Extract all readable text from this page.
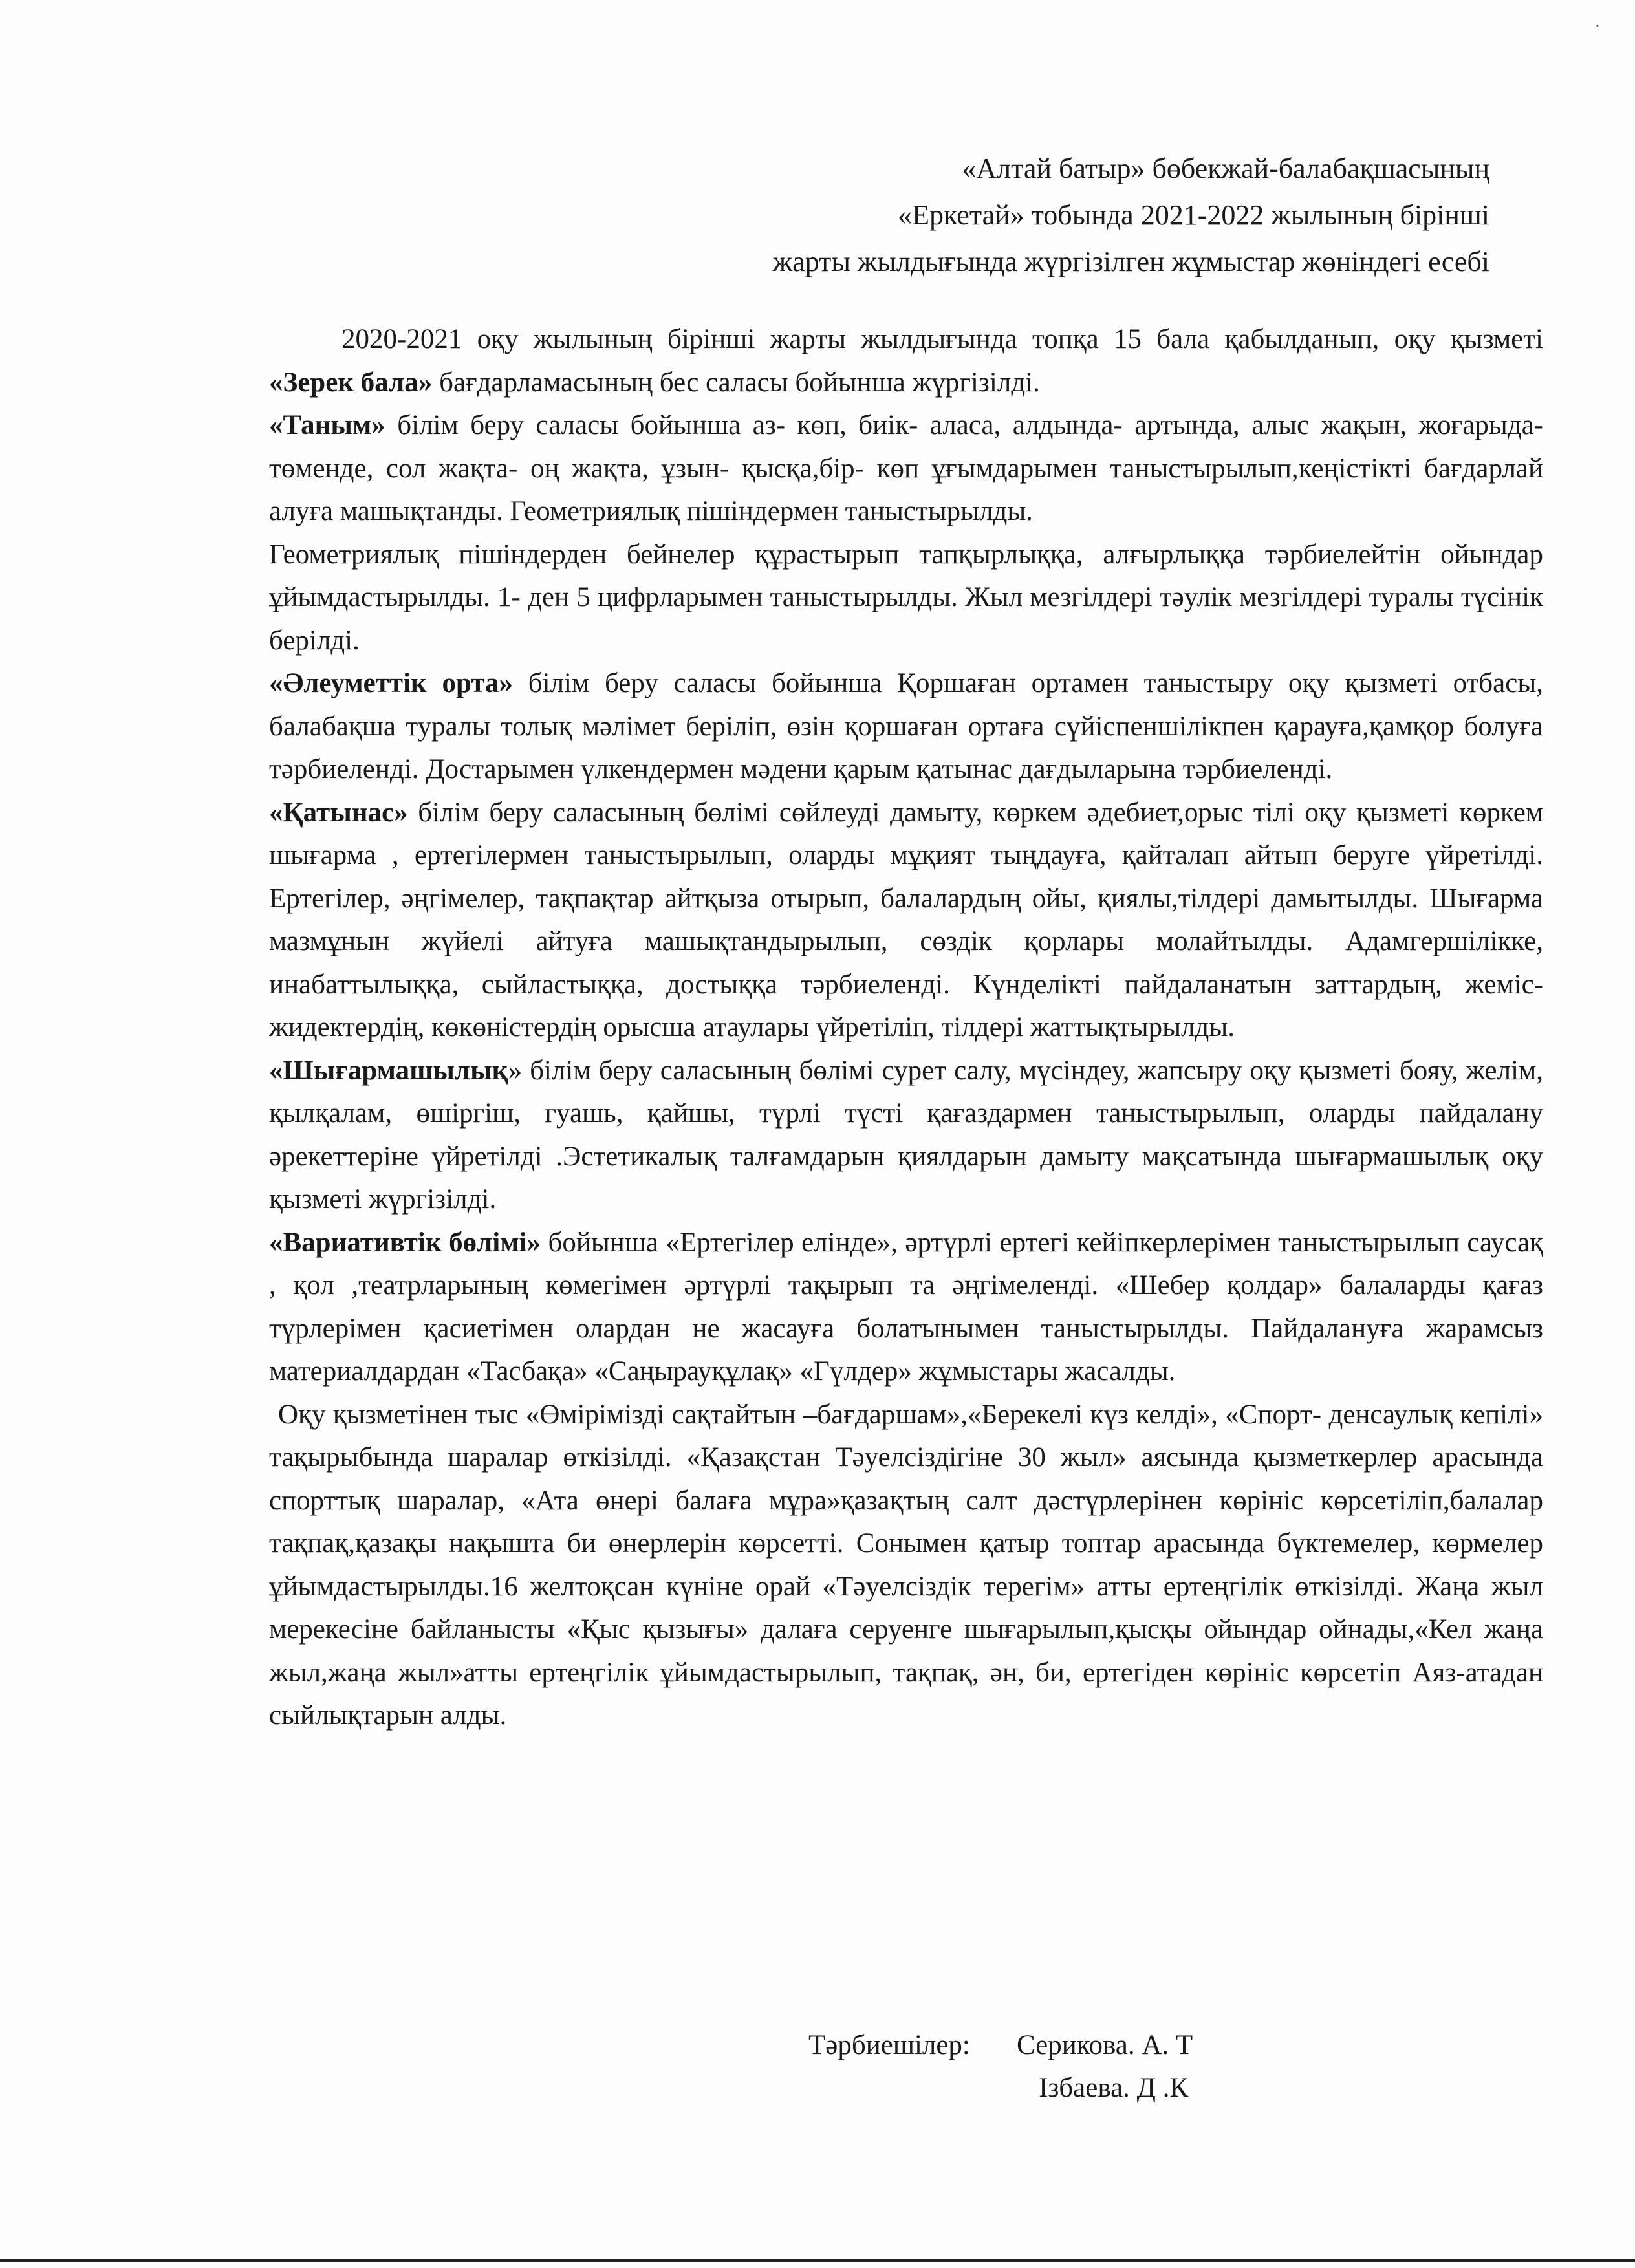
ᐧ
«Алтай батыр» бөбекжай-балабақшасының
«Еркетай» тобында 2021-2022 жылының бірінші
жарты жылдығында жүргізілген жұмыстар жөніндегі есебі

2020-2021 оқу жылының бірінші жарты жылдығында топқа 15 бала қабылданып, оқу қызметі «Зерек бала» бағдарламасының бес саласы бойынша жүргізілді.

«Таным» білім беру саласы бойынша аз- көп, биік- аласа, алдында- артында, алыс жақын, жоғарыда- төменде, сол жақта- оң жақта, ұзын- қысқа,бір- көп ұғымдарымен таныстырылып,кеңістікті бағдарлай алуға машықтанды. Геометриялық пішіндермен таныстырылды.

Геометриялық пішіндерден бейнелер құрастырып тапқырлыққа, алғырлыққа тәрбиелейтін ойындар ұйымдастырылды. 1- ден 5 цифрларымен таныстырылды. Жыл мезгілдері тәулік мезгілдері туралы түсінік берілді.

«Әлеуметтік орта» білім беру саласы бойынша Қоршаған ортамен таныстыру оқу қызметі отбасы, балабақша туралы толық мәлімет беріліп, өзін қоршаған ортаға сүйіспеншілікпен қарауға,қамқор болуға тәрбиеленді. Достарымен үлкендермен мәдени қарым қатынас дағдыларына тәрбиеленді.

«Қатынас» білім беру саласының бөлімі сөйлеуді дамыту, көркем әдебиет,орыс тілі оқу қызметі көркем шығарма , ертегілермен таныстырылып, оларды мұқият тыңдауға, қайталап айтып беруге үйретілді. Ертегілер, әңгімелер, тақпақтар айтқыза отырып, балалардың ойы, қиялы,тілдері дамытылды. Шығарма мазмұнын жүйелі айтуға машықтандырылып, сөздік қорлары молайтылды. Адамгершілікке, инабаттылыққа, сыйластыққа, достыққа тәрбиеленді. Күнделікті пайдаланатын заттардың, жеміс- жидектердің, көкөністердің орысша атаулары үйретіліп, тілдері жаттықтырылды.

«Шығармашылық» білім беру саласының бөлімі сурет салу, мүсіндеу, жапсыру оқу қызметі бояу, желім, қылқалам, өшіргіш, гуашь, қайшы, түрлі түсті қағаздармен таныстырылып, оларды пайдалану әрекеттеріне үйретілді .Эстетикалық талғамдарын қиялдарын дамыту мақсатында шығармашылық оқу қызметі жүргізілді.

«Вариативтік бөлімі» бойынша «Ертегілер елінде», әртүрлі ертегі кейіпкерлерімен таныстырылып саусақ , қол ,театрларының көмегімен әртүрлі тақырып та әңгімеленді. «Шебер қолдар» балаларды қағаз түрлерімен қасиетімен олардан не жасауға болатынымен таныстырылды. Пайдалануға жарамсыз материалдардан «Тасбақа» «Саңырауқұлақ» «Гүлдер» жұмыстары жасалды.

Оқу қызметінен тыс «Өмірімізді сақтайтын –бағдаршам»,«Берекелі күз келді», «Спорт- денсаулық кепілі» тақырыбында шаралар өткізілді. «Қазақстан Тәуелсіздігіне 30 жыл» аясында қызметкерлер арасында спорттық шаралар, «Ата өнері балаға мұра»қазақтың салт дәстүрлерінен көрініс көрсетіліп,балалар тақпақ,қазақы нақышта би өнерлерін көрсетті. Сонымен қатыр топтар арасында бүктемелер, көрмелер ұйымдастырылды.16 желтоқсан күніне орай «Тәуелсіздік терегім» атты ертеңгілік өткізілді. Жаңа жыл мерекесіне байланысты «Қыс қызығы» далаға серуенге шығарылып,қысқы ойындар ойнады,«Кел жаңа жыл,жаңа жыл»атты ертеңгілік ұйымдастырылып, тақпақ, ән, би, ертегіден көрініс көрсетіп Аяз-атадан сыйлықтарын алды.

Тәрбиешілер:	Серикова. А. Т
Ізбаева. Д .К
